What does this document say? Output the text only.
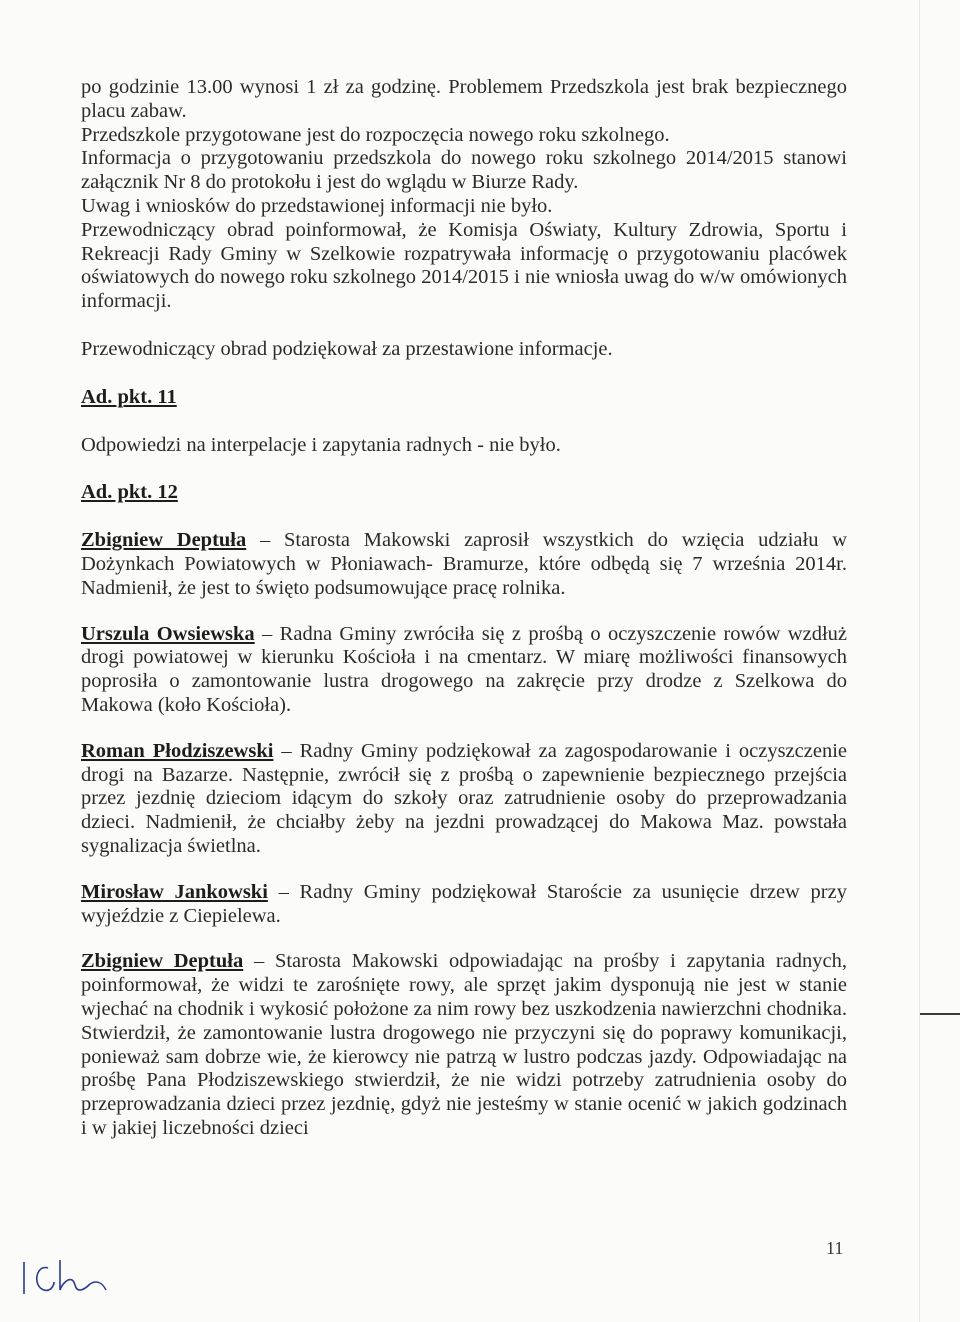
po godzinie 13.00 wynosi 1 zł za godzinę. Problemem Przedszkola jest brak bezpiecznego placu zabaw.

Przedszkole przygotowane jest do rozpoczęcia nowego roku szkolnego.

Informacja o przygotowaniu przedszkola do nowego roku szkolnego 2014/2015 stanowi załącznik Nr 8 do protokołu i jest do wglądu w Biurze Rady.

Uwag i wniosków do przedstawionej informacji nie było.

Przewodniczący obrad poinformował, że Komisja Oświaty, Kultury Zdrowia, Sportu i Rekreacji Rady Gminy w Szelkowie rozpatrywała informację o przygotowaniu placówek oświatowych do nowego roku szkolnego 2014/2015 i nie wniosła uwag do w/w omówionych informacji.

Przewodniczący obrad podziękował za przestawione informacje.

Ad. pkt. 11

Odpowiedzi na interpelacje i zapytania radnych - nie było.

Ad. pkt. 12

Zbigniew Deptuła – Starosta Makowski zaprosił wszystkich do wzięcia udziału w Dożynkach Powiatowych w Płoniawach- Bramurze, które odbędą się 7 września 2014r. Nadmienił, że jest to święto podsumowujące pracę rolnika.

Urszula Owsiewska – Radna Gminy zwróciła się z prośbą o oczyszczenie rowów wzdłuż drogi powiatowej w kierunku Kościoła i na cmentarz. W miarę możliwości finansowych poprosiła o zamontowanie lustra drogowego na zakręcie przy drodze z Szelkowa do Makowa (koło Kościoła).

Roman Płodziszewski – Radny Gminy podziękował za zagospodarowanie i oczyszczenie drogi na Bazarze. Następnie, zwrócił się z prośbą o zapewnienie bezpiecznego przejścia przez jezdnię dzieciom idącym do szkoły oraz zatrudnienie osoby do przeprowadzania dzieci. Nadmienił, że chciałby żeby na jezdni prowadzącej do Makowa Maz. powstała sygnalizacja świetlna.

Mirosław Jankowski – Radny Gminy podziękował Staroście za usunięcie drzew przy wyjeździe z Ciepielewa.

Zbigniew Deptuła – Starosta Makowski odpowiadając na prośby i zapytania radnych, poinformował, że widzi te zarośnięte rowy, ale sprzęt jakim dysponują nie jest w stanie wjechać na chodnik i wykosić położone za nim rowy bez uszkodzenia nawierzchni chodnika. Stwierdził, że zamontowanie lustra drogowego nie przyczyni się do poprawy komunikacji, ponieważ sam dobrze wie, że kierowcy nie patrzą w lustro podczas jazdy. Odpowiadając na prośbę Pana Płodziszewskiego stwierdził, że nie widzi potrzeby zatrudnienia osoby do przeprowadzania dzieci przez jezdnię, gdyż nie jesteśmy w stanie ocenić w jakich godzinach i w jakiej liczebności dzieci

11
